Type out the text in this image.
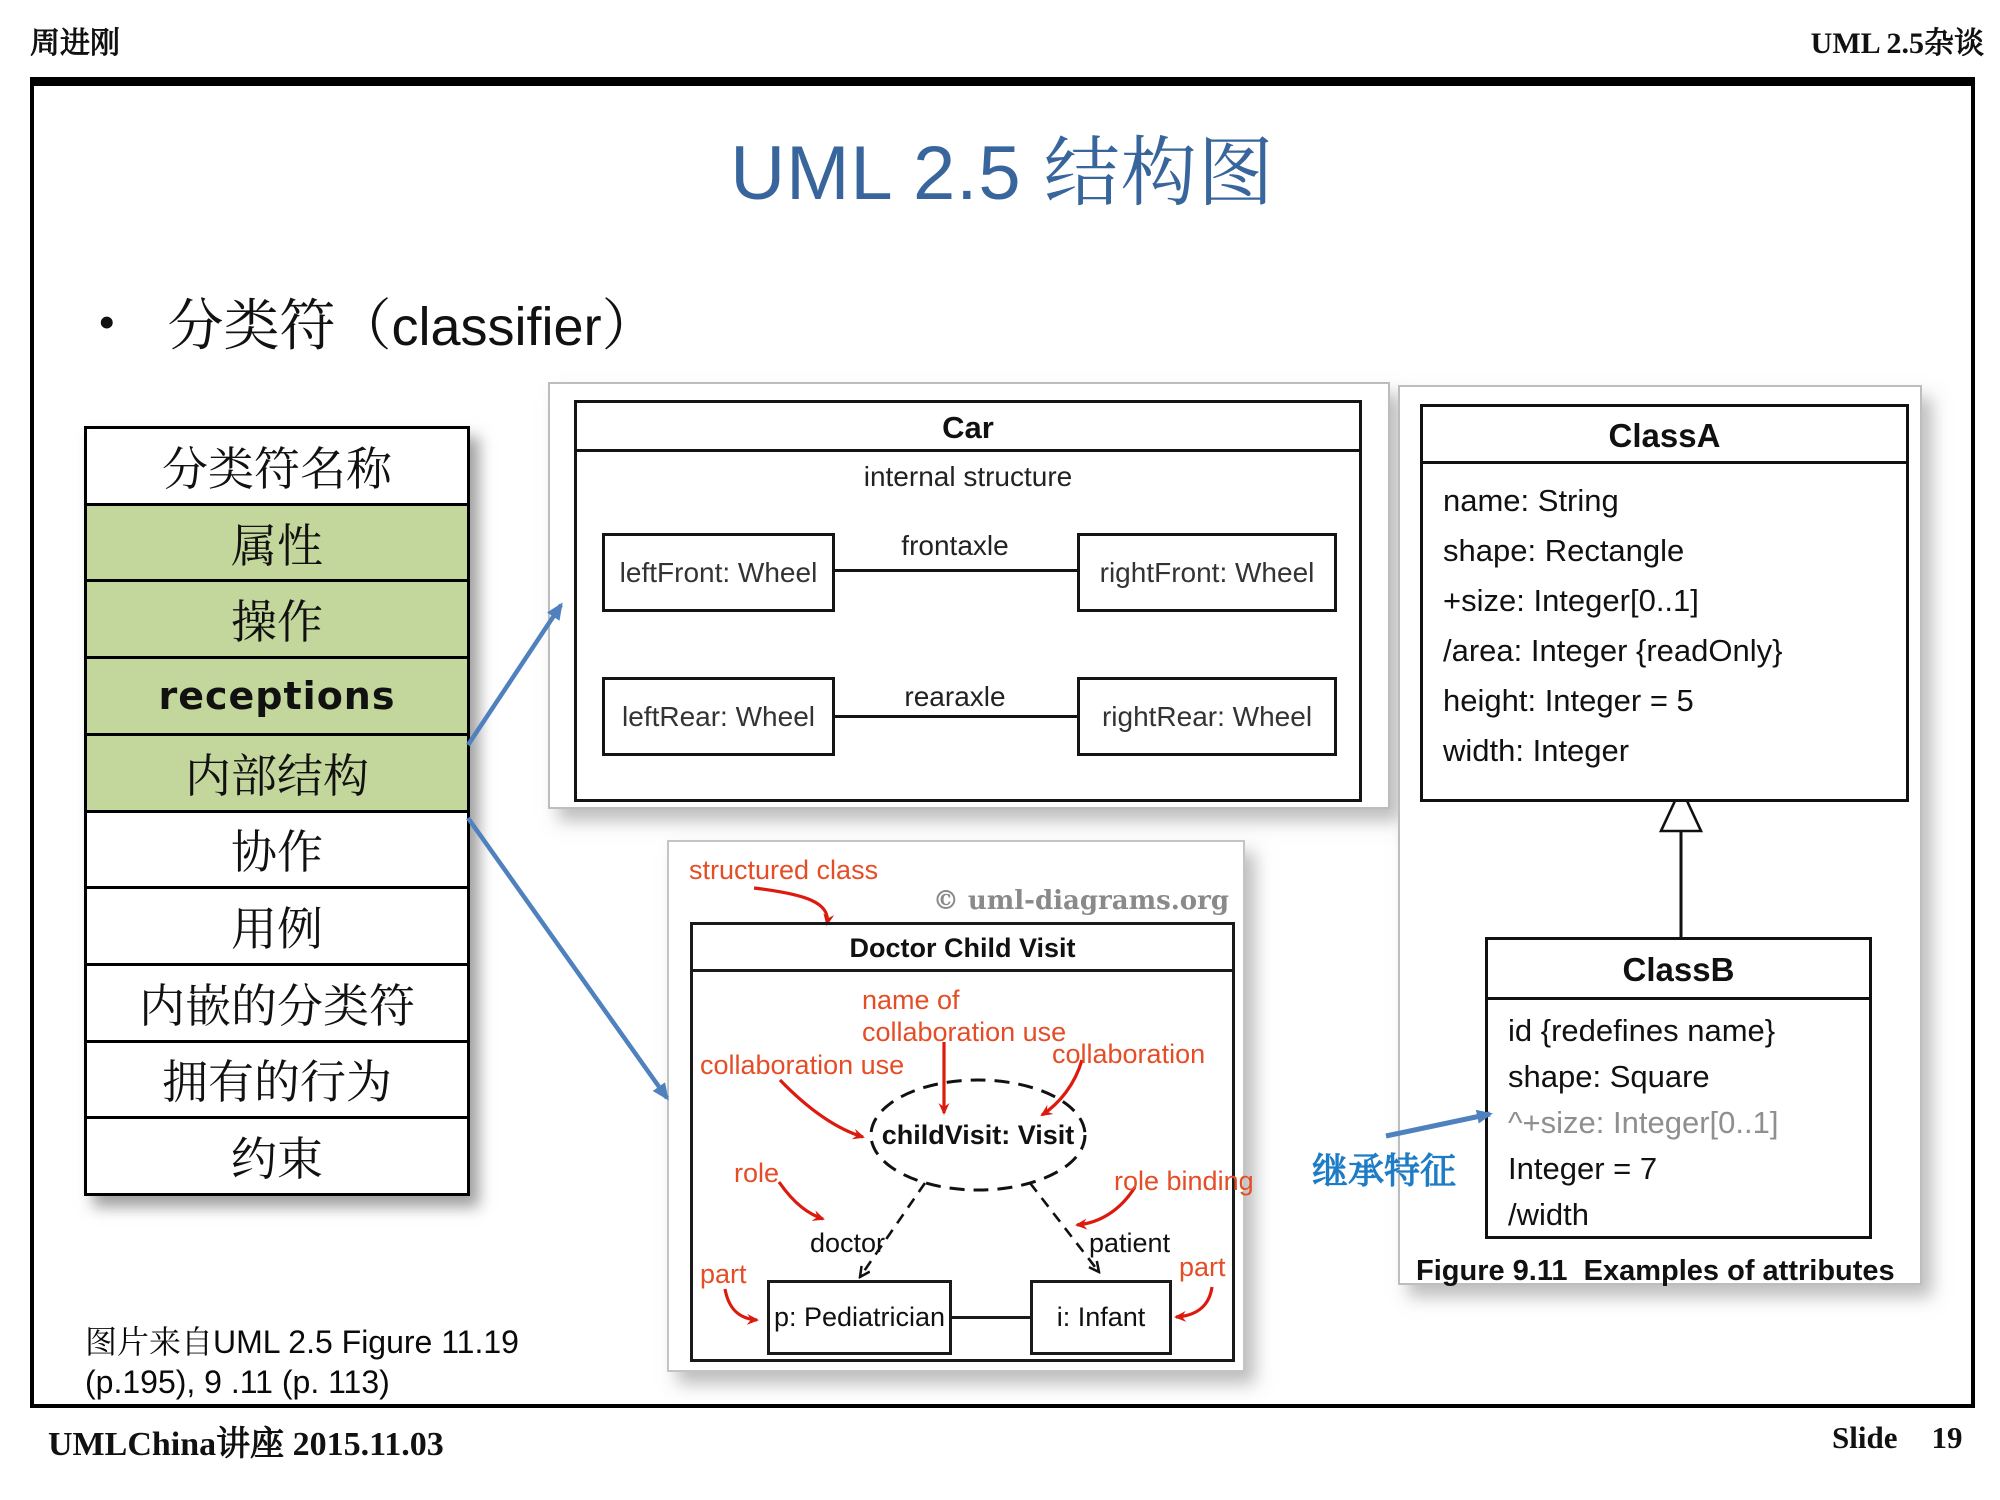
周进刚	UML 2.5杂谈
UML 2.5 结构图
• 分类符（classifier）
分类符名称
属性
操作
receptions
内部结构
协作
用例
内嵌的分类符
拥有的行为
约束
Car
internal structure
frontaxle
leftFront: Wheel	rightFront: Wheel
rearaxle
leftRear: Wheel	rightRear: Wheel
structured class
© uml-diagrams.org
Doctor Child Visit
name of
collaboration use
collaboration use	collaboration
role	role binding
part	part
childVisit: Visit
doctor	patient
p: Pediatrician	i: Infant
ClassA
name: String
shape: Rectangle
+size: Integer[0..1]
/area: Integer {readOnly}
height: Integer = 5
width: Integer
ClassB
id {redefines name}
shape: Square
^+size: Integer[0..1]
Integer = 7
/width
Figure 9.11  Examples of attributes
继承特征
图片来自UML 2.5 Figure 11.19
(p.195), 9 .11 (p. 113)
UMLChina讲座 2015.11.03	Slide 19
